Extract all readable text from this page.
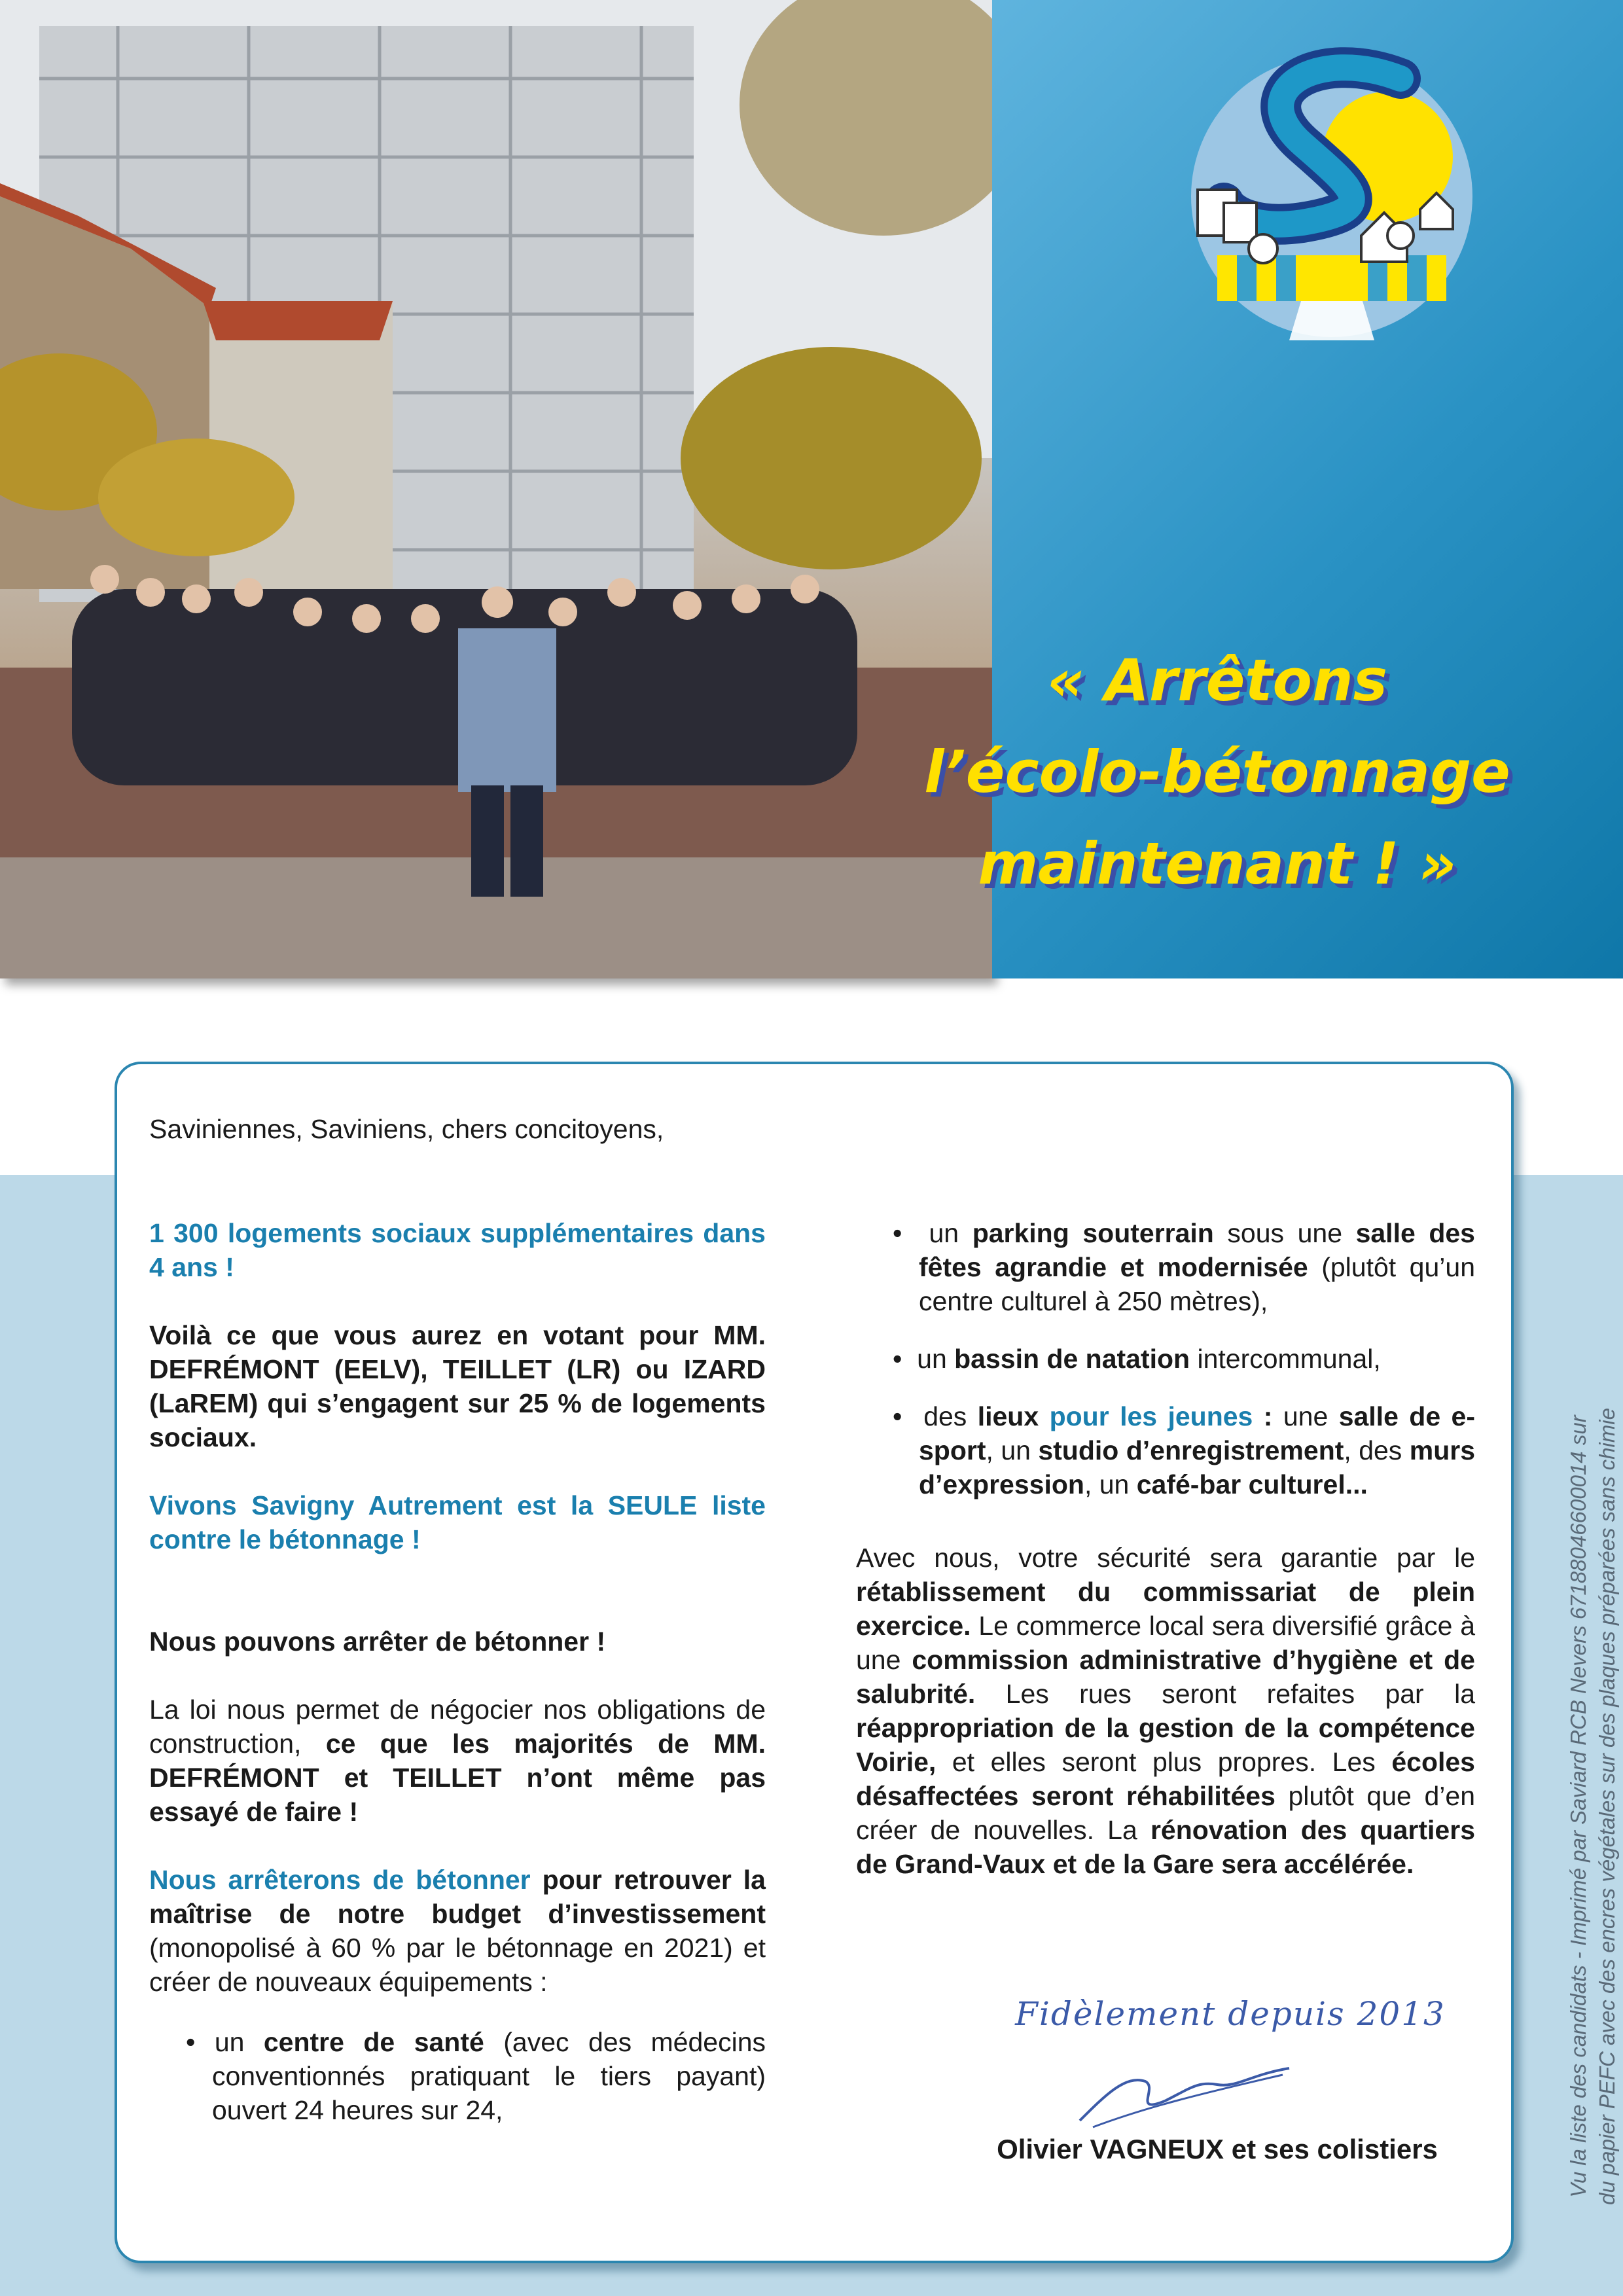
« Arrêtons
l’écolo-bétonnage
maintenant ! »
Saviniennes, Saviniens, chers concitoyens,

1 300 logements sociaux supplémentaires dans 4 ans !

Voilà ce que vous aurez en votant pour MM. DEFRÉMONT (EELV), TEILLET (LR) ou IZARD (LaREM) qui s’engagent sur 25 % de logements sociaux.

Vivons Savigny Autrement est la SEULE liste contre le bétonnage !

Nous pouvons arrêter de bétonner !

La loi nous permet de négocier nos obligations de construction, ce que les majorités de MM. DEFRÉMONT et TEILLET n’ont même pas essayé de faire !

Nous arrêterons de bétonner pour retrouver la maîtrise de notre budget d’investissement (monopolisé à 60 % par le bétonnage en 2021) et créer de nouveaux équipements :

• un centre de santé (avec des médecins conventionnés pratiquant le tiers payant) ouvert 24 heures sur 24,

•  un parking souterrain sous une salle des fêtes agrandie et modernisée (plutôt qu’un centre culturel à 250 mètres),

•  un bassin de natation intercommunal,

•  des lieux pour les jeunes : une salle de e-sport, un studio d’enregistrement, des murs d’expression, un café-bar culturel...

Avec nous, votre sécurité sera garantie par le rétablissement du commissariat de plein exercice. Le commerce local sera diversifié grâce à une commission administrative d’hygiène et de salubrité. Les rues seront refaites par la réappropriation de la gestion de la compétence Voirie, et elles seront plus propres. Les écoles désaffectées seront réhabilitées plutôt que d’en créer de nouvelles. La rénovation des quartiers de Grand-Vaux et de la Gare sera accélérée.

Fidèlement depuis 2013
Olivier VAGNEUX et ses colistiers	Vu la liste des candidats - Imprimé par Saviard RCB Nevers 67188046600014 sur du papier PEFC avec des encres végétales sur des plaques préparées sans chimie
